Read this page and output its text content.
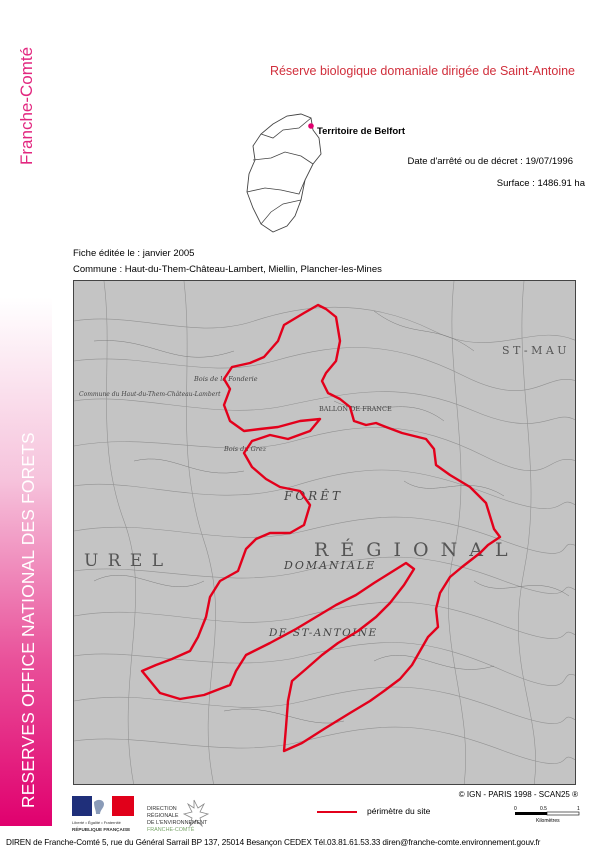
Franche-Comté
RESERVES OFFICE NATIONAL DES FORETS
Réserve biologique domaniale dirigée de Saint-Antoine
Territoire de Belfort
Date d'arrêté ou de décret : 19/07/1996
Surface : 1486.91 ha
Fiche éditée le : janvier 2005
Commune : Haut-du-Them-Château-Lambert, Miellin, Plancher-les-Mines
FORÊT
DOMANIALE
DE ST-ANTOINE
R É G I O N A L
U R E L
S T - M A U
BALLON DE FRANCE
Bois de la Fonderie
Bois du Grez
Commune du Haut-du-Them-Château-Lambert
© IGN - PARIS 1998 - SCAN25 ®
Liberté • Égalité • Fraternité
RÉPUBLIQUE FRANÇAISE
DIRECTION
RÉGIONALE
DE L'ENVIRONNEMENT
FRANCHE-COMTÉ
périmètre du site	0	0.5	1
Kilomètres
DIREN de Franche-Comté 5, rue du Général Sarrail BP 137, 25014 Besançon CEDEX Tél.03.81.61.53.33 diren@franche-comte.environnement.gouv.fr
